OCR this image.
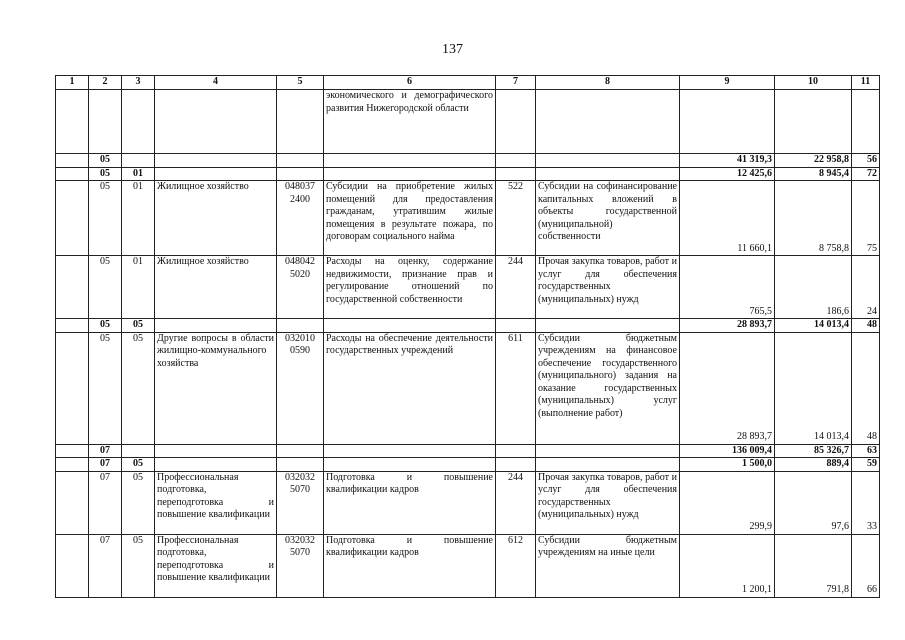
137
1	2	3	4	5	6	7	8	9	10	11
					экономического и демографического развития Нижегородской области					
	05							41 319,3	22 958,8	56
	05	01						12 425,6	8 945,4	72
	05	01	Жилищное хозяйство	048037 2400	Субсидии на приобретение жилых помещений для предоставления гражданам, утратившим жилые помещения в результате пожара, по договорам социального найма	522	Субсидии на софинансирование капитальных вложений в объекты государственной (муниципальной) собственности	11 660,1	8 758,8	75
	05	01	Жилищное хозяйство	048042 5020	Расходы на оценку, содержание недвижимости, признание прав и регулирование отношений по государственной собственности	244	Прочая закупка товаров, работ и услуг для обеспечения государственных (муниципальных) нужд	765,5	186,6	24
	05	05						28 893,7	14 013,4	48
	05	05	Другие вопросы в области жилищно-коммунального хозяйства	032010 0590	Расходы на обеспечение деятельности государственных учреждений	611	Субсидии бюджетным учреждениям на финансовое обеспечение государственного (муниципального) задания на оказание государственных (муниципальных) услуг (выполнение работ)	28 893,7	14 013,4	48
	07							136 009,4	85 326,7	63
	07	05						1 500,0	889,4	59
	07	05	Профессиональная подготовка, переподготовка и повышение квалификации	032032 5070	Подготовка и повышение квалификации кадров	244	Прочая закупка товаров, работ и услуг для обеспечения государственных (муниципальных) нужд	299,9	97,6	33
	07	05	Профессиональная подготовка, переподготовка и повышение квалификации	032032 5070	Подготовка и повышение квалификации кадров	612	Субсидии бюджетным учреждениям на иные цели	1 200,1	791,8	66
